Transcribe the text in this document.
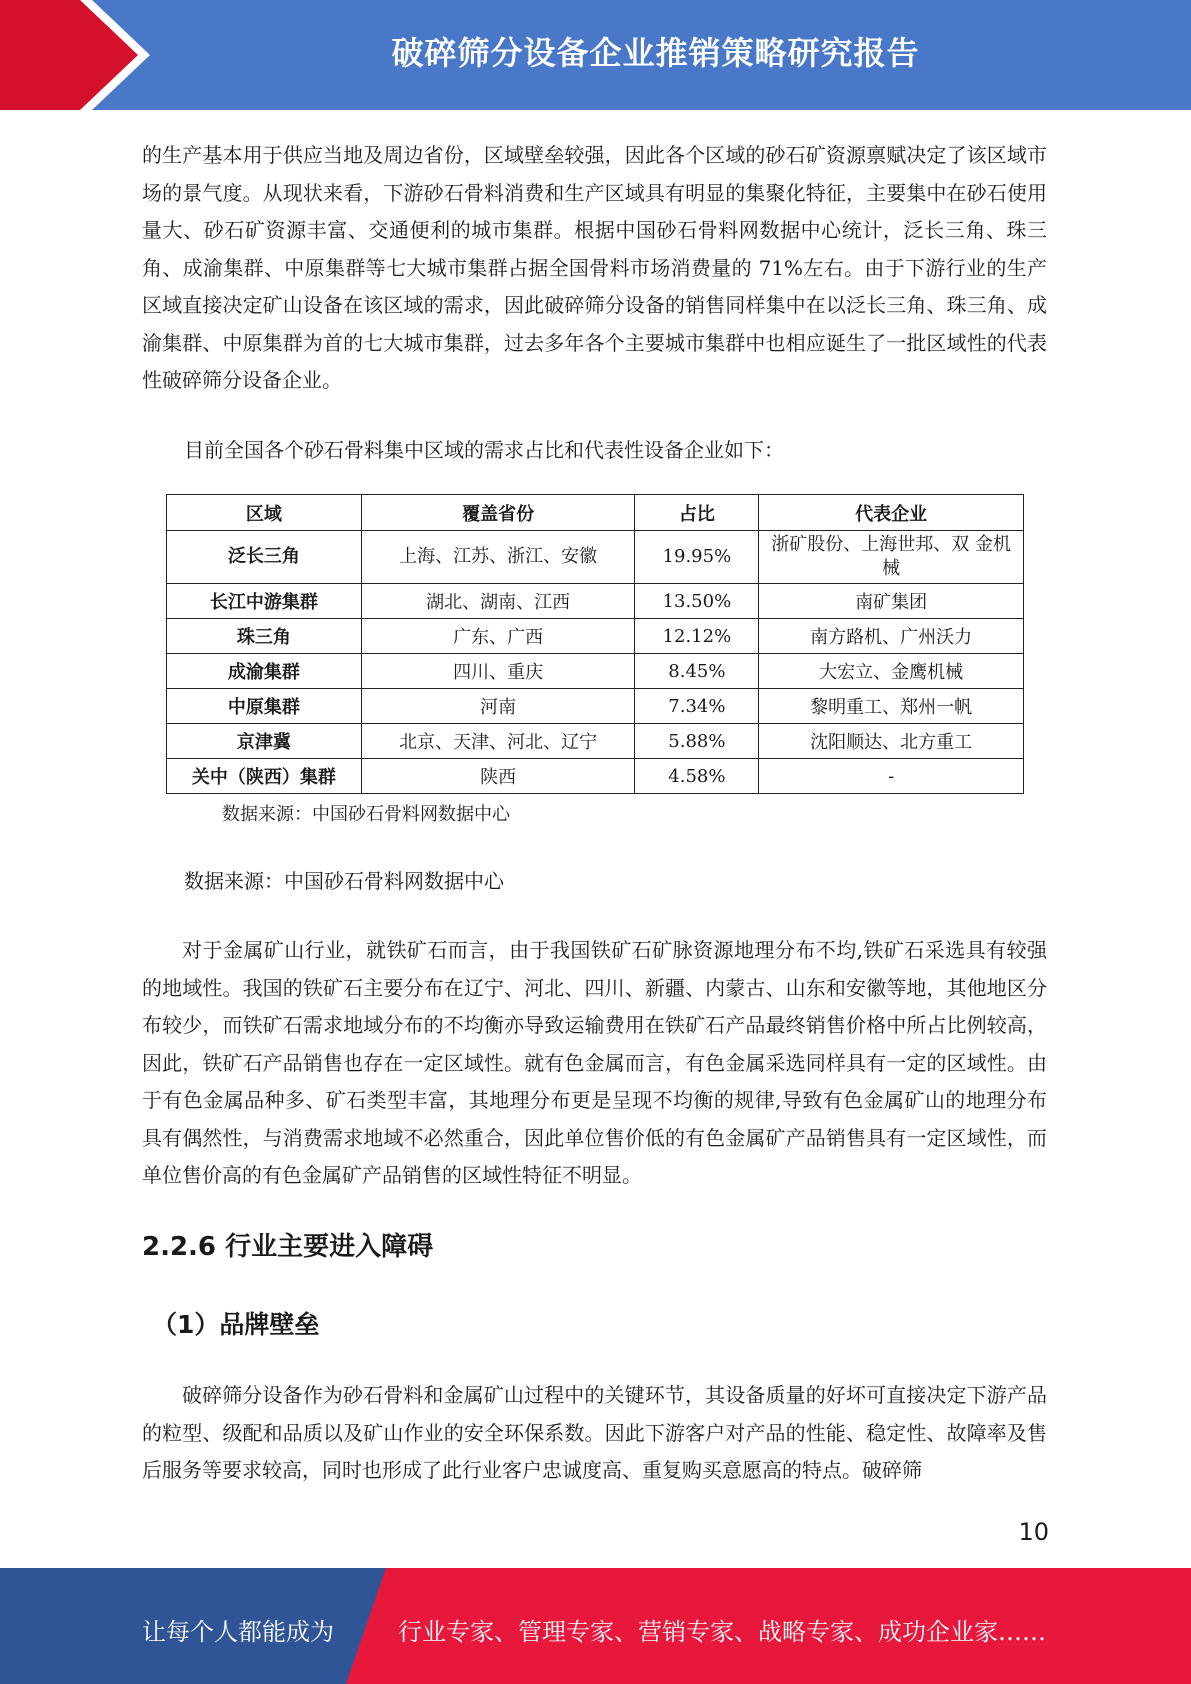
破碎筛分设备企业推销策略研究报告

的生产基本用于供应当地及周边省份，区域壁垒较强，因此各个区域的砂石矿资源禀赋决定了该区域市场的景气度。从现状来看，下游砂石骨料消费和生产区域具有明显的集聚化特征，主要集中在砂石使用量大、砂石矿资源丰富、交通便利的城市集群。根据中国砂石骨料网数据中心统计，泛长三角、珠三角、成渝集群、中原集群等七大城市集群占据全国骨料市场消费量的 71%左右。由于下游行业的生产区域直接决定矿山设备在该区域的需求，因此破碎筛分设备的销售同样集中在以泛长三角、珠三角、成渝集群、中原集群为首的七大城市集群，过去多年各个主要城市集群中也相应诞生了一批区域性的代表性破碎筛分设备企业。

目前全国各个砂石骨料集中区域的需求占比和代表性设备企业如下：

区域	覆盖省份	占比	代表企业
泛长三角	上海、江苏、浙江、安徽	19.95%	浙矿股份、上海世邦、双 金机械
长江中游集群	湖北、湖南、江西	13.50%	南矿集团
珠三角	广东、广西	12.12%	南方路机、广州沃力
成渝集群	四川、重庆	8.45%	大宏立、金鹰机械
中原集群	河南	7.34%	黎明重工、郑州一帆
京津冀	北京、天津、河北、辽宁	5.88%	沈阳顺达、北方重工
关中（陕西）集群	陕西	4.58%	-

数据来源：中国砂石骨料网数据中心

数据来源：中国砂石骨料网数据中心

对于金属矿山行业，就铁矿石而言，由于我国铁矿石矿脉资源地理分布不均,铁矿石采选具有较强的地域性。我国的铁矿石主要分布在辽宁、河北、四川、新疆、内蒙古、山东和安徽等地，其他地区分布较少，而铁矿石需求地域分布的不均衡亦导致运输费用在铁矿石产品最终销售价格中所占比例较高，因此，铁矿石产品销售也存在一定区域性。就有色金属而言，有色金属采选同样具有一定的区域性。由于有色金属品种多、矿石类型丰富，其地理分布更是呈现不均衡的规律,导致有色金属矿山的地理分布具有偶然性，与消费需求地域不必然重合，因此单位售价低的有色金属矿产品销售具有一定区域性，而单位售价高的有色金属矿产品销售的区域性特征不明显。

2.2.6 行业主要进入障碍
（1）品牌壁垒

破碎筛分设备作为砂石骨料和金属矿山过程中的关键环节，其设备质量的好坏可直接决定下游产品的粒型、级配和品质以及矿山作业的安全环保系数。因此下游客户对产品的性能、稳定性、故障率及售后服务等要求较高，同时也形成了此行业客户忠诚度高、重复购买意愿高的特点。破碎筛

10
让每个人都能成为	行业专家、管理专家、营销专家、战略专家、成功企业家……
